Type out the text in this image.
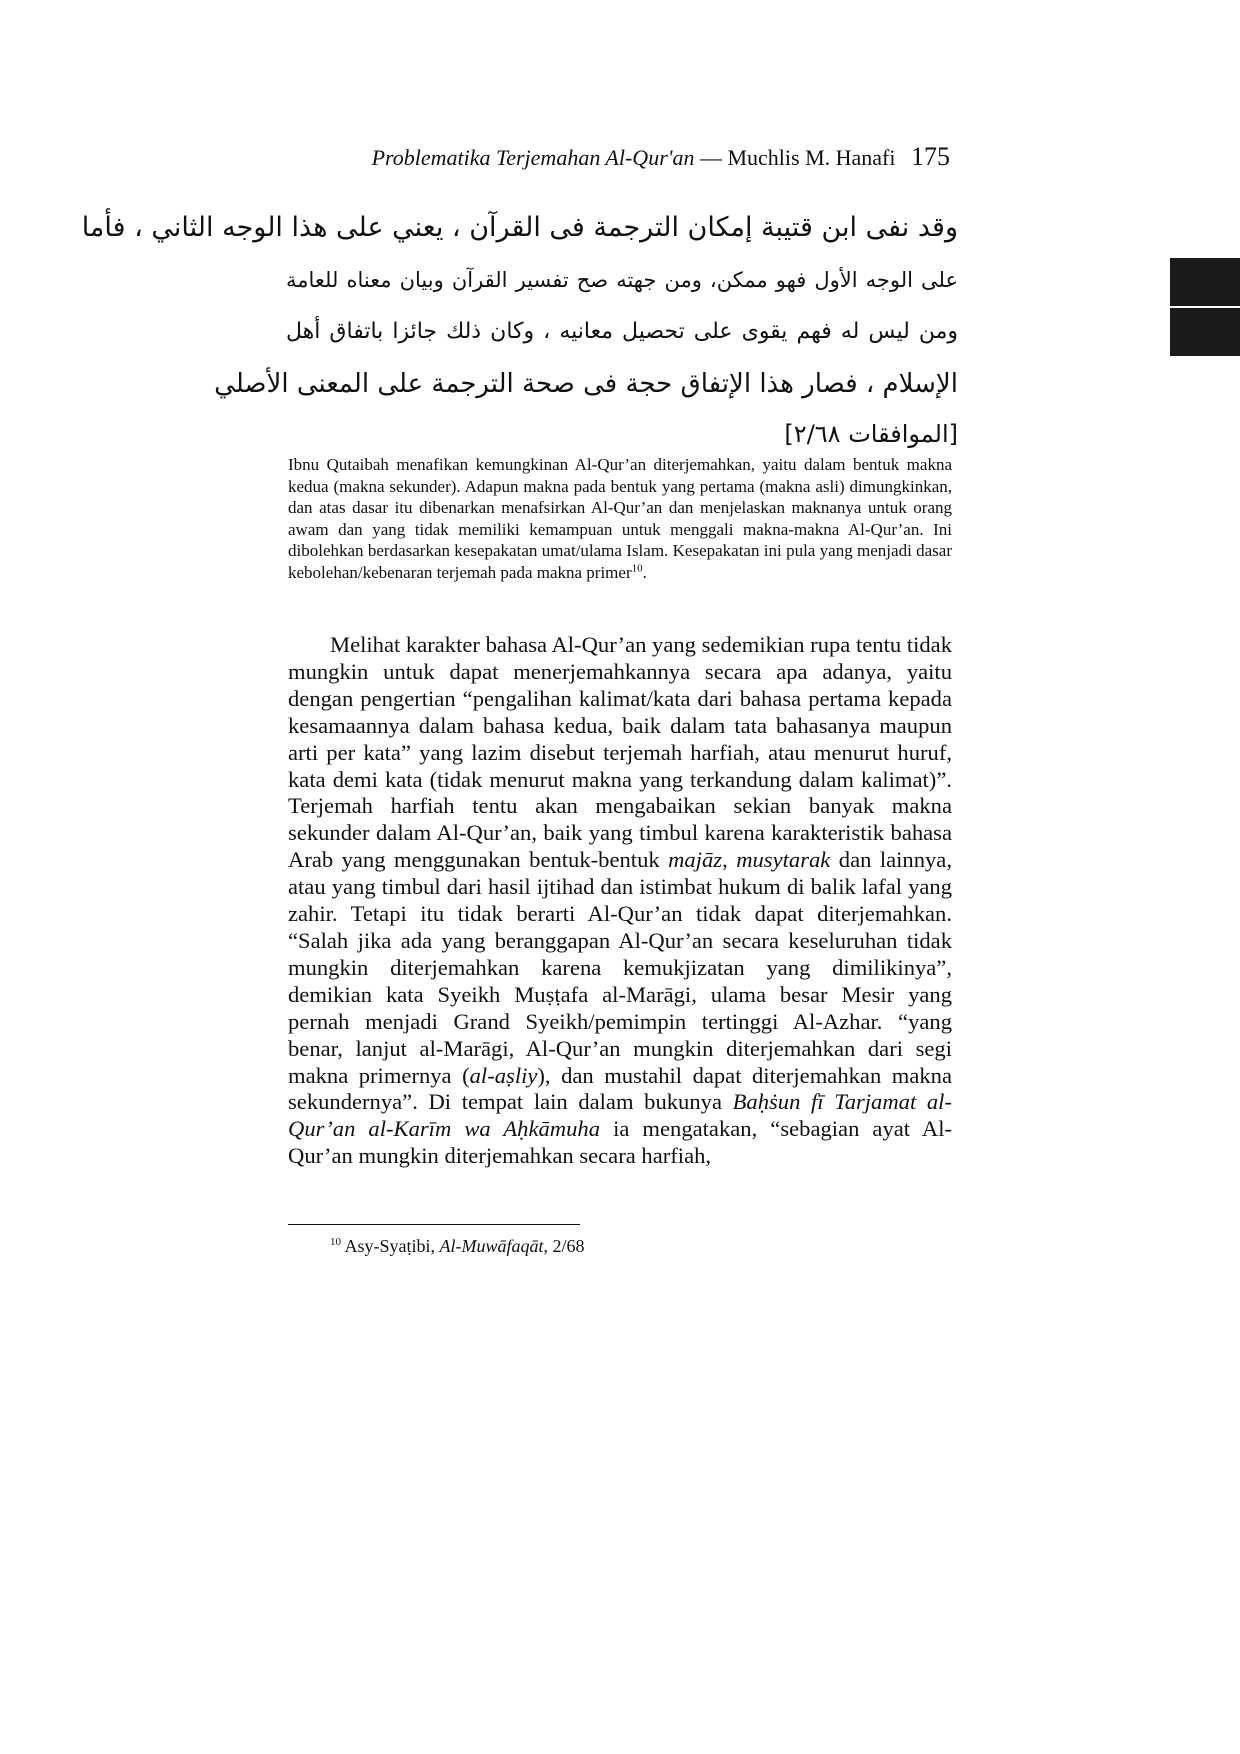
Problematika Terjemahan Al-Qur'an — Muchlis M. Hanafi 175

وقد نفى ابن قتيبة إمكان الترجمة فى القرآن ، يعني على هذا الوجه الثاني ، فأما

على الوجه الأول فهو ممكن، ومن جهته صح تفسير القرآن وبيان معناه للعامة

ومن ليس له فهم يقوى على تحصيل معانيه ، وكان ذلك جائزا باتفاق أهل

الإسلام ، فصار هذا الإتفاق حجة فى صحة الترجمة على المعنى الأصلي

[الموافقات ٢/٦٨]

Ibnu Qutaibah menafikan kemungkinan Al-Qur’an diterjemahkan, yaitu dalam bentuk makna kedua (makna sekunder). Adapun makna pada bentuk yang pertama (makna asli) dimungkinkan, dan atas dasar itu dibenarkan menafsirkan Al-Qur’an dan menjelaskan maknanya untuk orang awam dan yang tidak memiliki kemampuan untuk menggali makna-makna Al-Qur’an. Ini dibolehkan berdasarkan kesepakatan umat/ulama Islam. Kesepakatan ini pula yang menjadi dasar kebolehan/kebenaran terjemah pada makna primer$^{10}$.

Melihat karakter bahasa Al-Qur’an yang sedemikian rupa tentu tidak mungkin untuk dapat menerjemahkannya secara apa adanya, yaitu dengan pengertian “pengalihan kalimat/kata dari bahasa pertama kepada kesamaannya dalam bahasa kedua, baik dalam tata bahasanya maupun arti per kata” yang lazim disebut terjemah harfiah, atau menurut huruf, kata demi kata (tidak menurut makna yang terkandung dalam kalimat)”. Terjemah harfiah tentu akan mengabaikan sekian banyak makna sekunder dalam Al-Qur’an, baik yang timbul karena karakteristik bahasa Arab yang menggunakan bentuk-bentuk majāz, musytarak dan lainnya, atau yang timbul dari hasil ijtihad dan istimbat hukum di balik lafal yang zahir. Tetapi itu tidak berarti Al-Qur’an tidak dapat diterjemahkan. “Salah jika ada yang beranggapan Al-Qur’an secara keseluruhan tidak mungkin diterjemahkan karena kemukjizatan yang dimilikinya”, demikian kata Syeikh Muṣṭafa al-Marāgi, ulama besar Mesir yang pernah menjadi Grand Syeikh/pemimpin tertinggi Al-Azhar. “yang benar, lanjut al-Marāgi, Al-Qur’an mungkin diterjemahkan dari segi makna primernya (al-aṣliy), dan mustahil dapat diterjemahkan makna sekundernya”. Di tempat lain dalam bukunya Baḥṡun fī Tarjamat al-Qur’an al-Karīm wa Aḥkāmuha ia mengatakan, “sebagian ayat Al-Qur’an mungkin diterjemahkan secara harfiah,

$^{10}$ Asy-Syaṭibi, Al-Muwāfaqāt, 2/68
